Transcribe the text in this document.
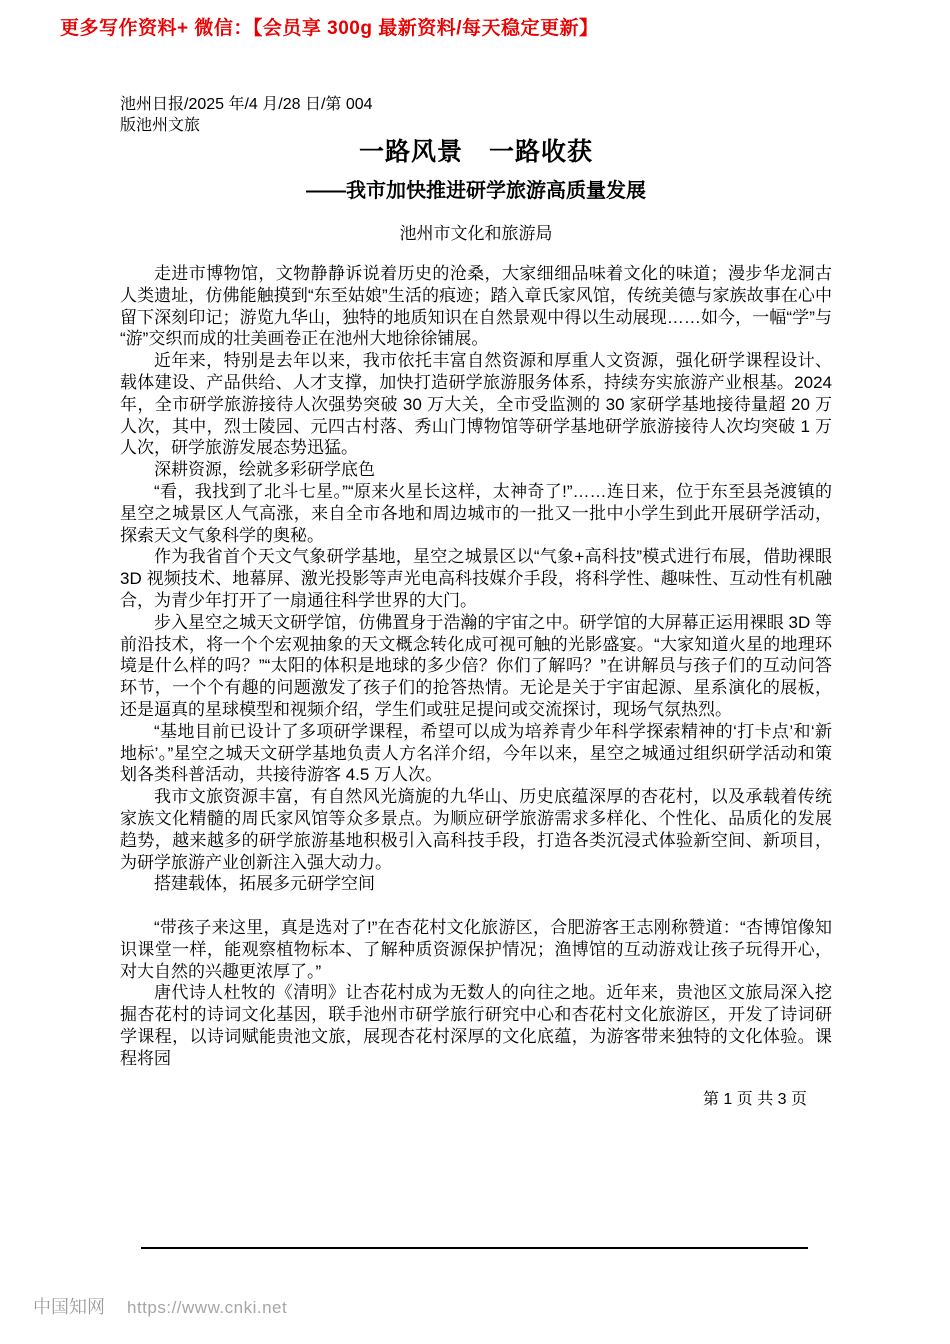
更多写作资料+ 微信：【会员享 300g 最新资料/每天稳定更新】
池州日报/2025 年/4 月/28 日/第 004
版池州文旅
一路风景　一路收获
——我市加快推进研学旅游高质量发展
池州市文化和旅游局

走进市博物馆，文物静静诉说着历史的沧桑，大家细细品味着文化的味道；漫步华龙洞古人类遗址，仿佛能触摸到“东至姑娘”生活的痕迹；踏入章氏家风馆，传统美德与家族故事在心中留下深刻印记；游览九华山，独特的地质知识在自然景观中得以生动展现……如今，一幅“学”与“游”交织而成的壮美画卷正在池州大地徐徐铺展。

近年来，特别是去年以来，我市依托丰富自然资源和厚重人文资源，强化研学课程设计、载体建设、产品供给、人才支撑，加快打造研学旅游服务体系，持续夯实旅游产业根基。2024 年，全市研学旅游接待人次强势突破 30 万大关，全市受监测的 30 家研学基地接待量超 20 万人次，其中，烈士陵园、元四古村落、秀山门博物馆等研学基地研学旅游接待人次均突破 1 万人次，研学旅游发展态势迅猛。

深耕资源，绘就多彩研学底色

“看，我找到了北斗七星。”“原来火星长这样，太神奇了!”……连日来，位于东至县尧渡镇的星空之城景区人气高涨，来自全市各地和周边城市的一批又一批中小学生到此开展研学活动，探索天文气象科学的奥秘。

作为我省首个天文气象研学基地，星空之城景区以“气象+高科技”模式进行布展，借助裸眼 3D 视频技术、地幕屏、激光投影等声光电高科技媒介手段，将科学性、趣味性、互动性有机融合，为青少年打开了一扇通往科学世界的大门。

步入星空之城天文研学馆，仿佛置身于浩瀚的宇宙之中。研学馆的大屏幕正运用裸眼 3D 等前沿技术，将一个个宏观抽象的天文概念转化成可视可触的光影盛宴。“大家知道火星的地理环境是什么样的吗？”“太阳的体积是地球的多少倍？你们了解吗？”在讲解员与孩子们的互动问答环节，一个个有趣的问题激发了孩子们的抢答热情。无论是关于宇宙起源、星系演化的展板，还是逼真的星球模型和视频介绍，学生们或驻足提问或交流探讨，现场气氛热烈。

“基地目前已设计了多项研学课程，希望可以成为培养青少年科学探索精神的‘打卡点’和‘新地标’。”星空之城天文研学基地负责人方名洋介绍，今年以来，星空之城通过组织研学活动和策划各类科普活动，共接待游客 4.5 万人次。

我市文旅资源丰富，有自然风光旖旎的九华山、历史底蕴深厚的杏花村，以及承载着传统家族文化精髓的周氏家风馆等众多景点。为顺应研学旅游需求多样化、个性化、品质化的发展趋势，越来越多的研学旅游基地积极引入高科技手段，打造各类沉浸式体验新空间、新项目，为研学旅游产业创新注入强大动力。

搭建载体，拓展多元研学空间

“带孩子来这里，真是选对了!”在杏花村文化旅游区，合肥游客王志刚称赞道：“杏博馆像知识课堂一样，能观察植物标本、了解种质资源保护情况；渔博馆的互动游戏让孩子玩得开心，对大自然的兴趣更浓厚了。”

唐代诗人杜牧的《清明》让杏花村成为无数人的向往之地。近年来，贵池区文旅局深入挖掘杏花村的诗词文化基因，联手池州市研学旅行研究中心和杏花村文化旅游区，开发了诗词研学课程，以诗词赋能贵池文旅，展现杏花村深厚的文化底蕴，为游客带来独特的文化体验。课程将园

第 1 页 共 3 页
中国知网 https://www.cnki.net
